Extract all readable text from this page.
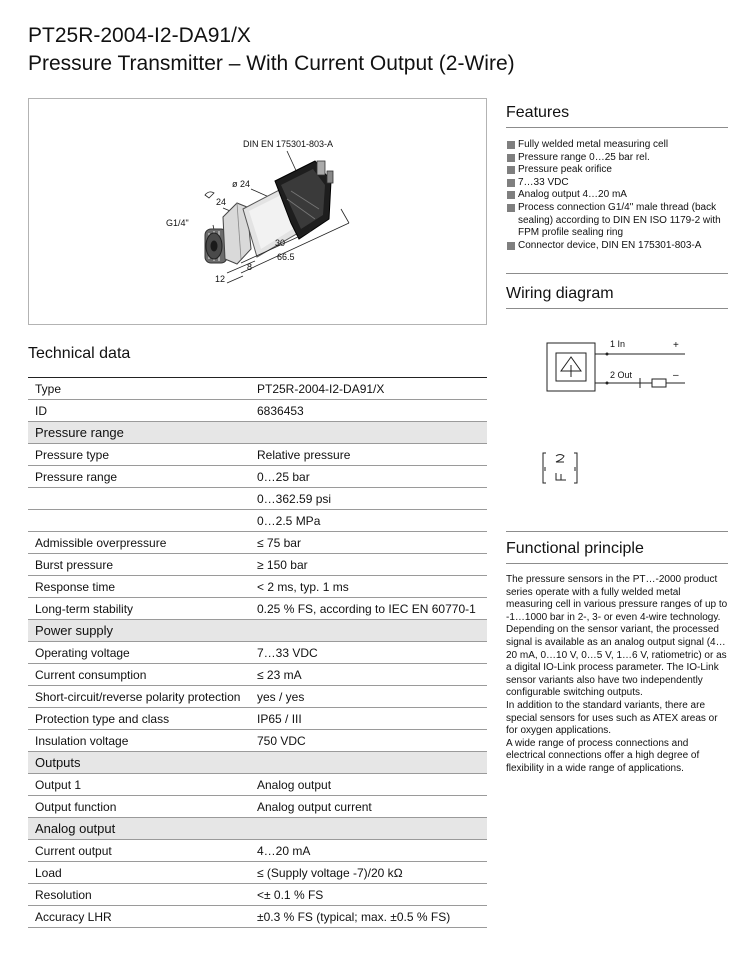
PT25R-2004-I2-DA91/X
Pressure Transmitter – With Current Output (2-Wire)
DIN EN 175301-803-A
ø 24
24
G1/4"
30
66.5
8
12
Features
Fully welded metal measuring cell
Pressure range 0…25 bar rel.
Pressure peak orifice
7…33 VDC
Analog output 4…20 mA
Process connection G1/4" male thread (back sealing) according to DIN EN ISO 1179-2 with FPM profile sealing ring
Connector device, DIN EN 175301-803-A
Wiring diagram
1 In	+
2 Out	–
Functional principle

The pressure sensors in the PT…-2000 product series operate with a fully welded metal measuring cell in various pressure ranges of up to -1…1000 bar in 2-, 3- or even 4-wire technology. Depending on the sensor variant, the processed signal is available as an analog output signal (4…20 mA, 0…10 V, 0…5 V, 1…6 V, ratiometric) or as a digital IO-Link process parameter. The IO-Link sensor variants also have two independently configurable switching outputs.

In addition to the standard variants, there are special sensors for uses such as ATEX areas or for oxygen applications.

A wide range of process connections and electrical connections offer a high degree of flexibility in a wide range of applications.

Technical data
Type	PT25R-2004-I2-DA91/X
ID	6836453
Pressure range	
Pressure type	Relative pressure
Pressure range	0…25 bar
	0…362.59 psi
	0…2.5 MPa
Admissible overpressure	≤ 75 bar
Burst pressure	≥ 150 bar
Response time	< 2 ms, typ. 1 ms
Long-term stability	0.25 % FS, according to IEC EN 60770-1
Power supply	
Operating voltage	7…33 VDC
Current consumption	≤ 23 mA
Short-circuit/reverse polarity protection	yes / yes
Protection type and class	IP65 / III
Insulation voltage	750 VDC
Outputs	
Output 1	Analog output
Output function	Analog output current
Analog output	
Current output	4…20 mA
Load	≤ (Supply voltage -7)/20 kΩ
Resolution	<± 0.1 % FS
Accuracy LHR	±0.3 % FS (typical; max. ±0.5 % FS)
